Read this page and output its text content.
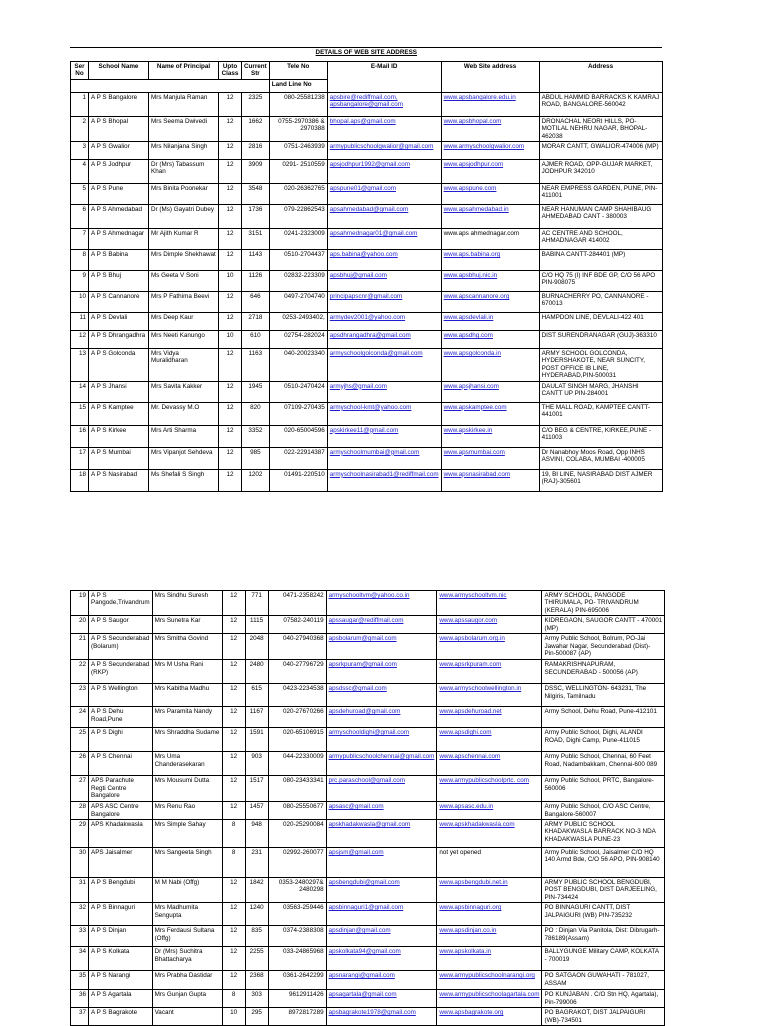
DETAILS OF WEB SITE ADDRESS								
Ser No	School Name	Name of Principal	Upto Class	Current Str	Tele No	E-Mail ID	Web Site address	Address
					Land Line No			
1	A P S Bangalore	Mrs Manjula Raman	12	2325	080-25581238	apsbire@rediffmail.com, apsbangalore@gmail.com	www.apsbangalore.edu.in	ABDUL HAMMID BARRACKS K KAMRAJ ROAD, BANGALORE-560042
2	A P S Bhopal	Mrs Seema Dwivedi	12	1662	0755-2970386 & 2970388	bhopal.aps@gmail.com	www.apsbhopal.com	DRONACHAL NEORI HILLS, PO- MOTILAL NEHRU NAGAR, BHOPAL-462038
3	A P S Gwalior	Mrs Nilanjana Singh	12	2816	0751-2463939	armypublicschoolgwalior@gmail.com	www.armyschoolgwalior.com	MORAR CANTT, GWALIOR-474006 (MP)
4	A P S Jodhpur	Dr (Mrs) Tabassum Khan	12	3909	0291- 2510559	apsjodhpur1992@gmail.com	www.apsjodhpur.com	AJMER ROAD, OPP-GUJAR MARKET, JODHPUR 342010
5	A P S Pune	Mrs Binita Poonekar	12	3548	020-26362765	apspune01@gmail.com	www.apspune.com	NEAR EMPRESS GARDEN, PUNE, PIN-411001
6	A P S Ahmedabad	Dr (Ms) Gayatri Dubey	12	1736	079-22862543	apsahmedabad@gmail.com	www.apsahmedabad.in	NEAR HANUMAN CAMP SHAHIBAUG AHMEDABAD CANT - 380003
7	A P S Ahmednagar	Mr Ajith Kumar R	12	3151	0241-2323009	apsahmednagar01@gmail.com	www.aps ahmednagar.com	AC CENTRE AND SCHOOL, AHMADNAGAR 414002
8	A P S Babina	Mrs Dimple Shekhawat	12	1143	0510-2704437	aps.babina@yahoo.com	www.aps.babina.org	BABINA CANTT-284401 (MP)
9	A P S Bhuj	Ms Geeta V Soni	10	1126	02832-223309	apsbhuj@gmail.com	www.apsbhuj.nic.in	C/O HQ 75 (I) INF BDE GP, C/O 56 APO PIN-908075
10	A P S Cannanore	Mrs P Fathima Beevi	12	646	0497-2704740	principapscnr@gmail.com	www.apscannanore.org	BURNACHERRY PO, CANNANORE - 670013
11	A P S Devlali	Mrs Deep Kaur	12	2718	0253-2493402,	armydev2001@yahoo.com	www.apsdevlali.in	HAMPDON LINE, DEVLALI-422 401
12	A P S Dhrangadhra	Mrs Neeti Kanungo	10	610	02754-282024	apsdhrangadhra@gmail.com	www.apsdhg.com	DIST SURENDRANAGAR (GUJ)-363310
13	A P S Golconda	Mrs Vidya Muralidharan	12	1163	040-20023340	armyschoolgolconda@gmail.com	www.apsgolconda.in	ARMY SCHOOL GOLCONDA, HYDERSHAKOTE, NEAR SUNCITY, POST OFFICE IB LINE, HYDERABAD,PIN-500031
14	A P S Jhansi	Mrs Savita Kakker	12	1945	0510-2470424	armyjhs@gmail.com	www.apsjhansi.com	DAULAT SINGH MARG, JHANSHI CANTT UP PIN-284001
15	A P S Kamptee	Mr. Devassy M.O	12	820	07109-270435	armyschool-kmt@yahoo.com	www.apskamptee.com	THE MALL ROAD, KAMPTEE CANTT-441001
16	A P S Kirkee	Mrs Arti Sharma	12	3352	020-65004596	apskirkee11@gmail.com	www.apskirkee.in	C/O BEG & CENTRE, KIRKEE,PUNE - 411003
17	A P S Mumbai	Mrs Vipanjot Sehdeva	12	985	022-22914387	armyschoolmumbai@gmail.com	www.apsmumbai.com	Dr Nanabhoy Moos Road, Opp INHS ASVINI, COLABA, MUMBAI -400005
18	A P S Nasirabad	Ms Shefali S Singh	12	1202	01491-220510	armyschoolnasirabad1@rediffmail.com	www.apsnasirabad.com	19, BI LINE, NASIRABAD DIST AJMER (RAJ)-305601
19	A P S Pangode,Trivandrum	Mrs Sindhu Suresh	12	771	0471-2358242	armyschooltvm@yahoo.co.in	www.armyschooltvm.nic	ARMY SCHOOL, PANGODE THIRUMALA, PO- TRIVANDRUM (KERALA) PIN-695006
20	A P S Saugor	Mrs Sunetra Kar	12	1115	07582-240119	apssaugar@rediffmail.com	www.apssaugor.com	KIDREGAON, SAUGOR CANTT - 470001 (MP)
21	A P S Secunderabad (Bolarum)	Mrs Smitha Govind	12	2048	040-27940368	apsbolarum@gmail.com	www.apsbolarum.org.in	Army Public School, Bolrum, PO-Jai Jawahar Nagar, Secunderabad (Dist)- Pin-500087 (AP)
22	A P S Secunderabad (RKP)	Mrs M Usha Rani	12	2480	040-27796729	apsrkpuram@gmail.com	www.apsrkpuram.com	RAMAKRISHNAPURAM, SECUNDERABAD - 500056 (AP)
23	A P S Wellington	Mrs Kabitha Madhu	12	615	0423-2234538	apsdssc@gmail.com	www.armyschoolwellington.in	DSSC, WELLINGTON- 643231, The Nilgiris, Tamilnadu
24	A P S Dehu Road,Pune	Mrs Paramita Nandy	12	1167	020-27670266	apsdehuroad@gmail.com	www.apsdehuroad.net	Army School, Dehu Road, Pune-412101
25	A P S Dighi	Mrs Shraddha Sudame	12	1591	020-65106915	armyschooldighi@gmail.com	www.apsdighi.com	Army Public School, Dighi, ALANDI ROAD, Dighi Camp, Pune-411015
26	A P S Chennai	Mrs Uma Chanderasekaran	12	903	044-22330009	armypublicschoolchennai@gmail.com	www.apschennai.com	Army Public School, Chennai, 60 Feet Road, Nadambakkam, Chennai-600 089
27	APS Parachute Regti Centre Bangalore	Mrs Mousumi Dutta	12	1517	080-23433341	prc.paraschool@gmail.com	www.armypublicschoolprtc. com	Army Public School, PRTC, Bangalore-560006
28	APS ASC Centre Bangalore	Mrs Renu Rao	12	1457	080-25550677	apsasc@gmail.com	www.apsasc.edu.in	Army Public School, C/O ASC Centre, Bangalore-560007
29	APS Khadakwasla	Mrs Simple Sahay	8	948	020-25290084	apskhadakwasla@gmail.com	www.apskhadakwasla.com	ARMY PUBLIC SCHOOL KHADAKWASLA BARRACK NO-3 NDA KHADAKWASLA PUNE-23
30	APS Jaisalmer	Mrs Sangeeta Singh	8	231	02992-260077	apsjsm@gmail.com	not yet opened	Army Public School, Jaisalmer C/O HQ 140 Armd Bde, C/O 56 APO, PIN-908140
31	A P S Bengdubi	M M Nabi (Offg)	12	1842	0353-2480297& 2480298	apsbengdubi@gmail.com	www.apsbengdubi.net.in	ARMY PUBLIC SCHOOL BENGDUBI, POST BENGDUBI, DIST DARJEELING, PIN-734424
32	A P S Binnaguri	Mrs Madhumita Sengupta	12	1240	03563-259446	apsbinnaguri1@gmail.com	www.apsbinnaguri.org	PO BINNAGURI CANTT, DIST JALPAIGURI (WB) PIN-735232
33	A P S Dinjan	Mrs Ferdausi Sultana (Offg)	12	835	0374-2388308	apsdinjan@gmail.com	www.apsdinjan.co.in	PO : Dinjan Via Panitola, Dist: Dibrugarh-786189(Assam)
34	A P S Kolkata	Dr (Mrs) Suchitra Bhattacharya	12	2255	033-24865968	apskolkata94@gmail.com	www.apskolkata.in	BALLYGUNGE Military CAMP, KOLKATA - 700019
35	A P S Narangi	Mrs Prabha Dastidar	12	2368	0361-2642299	apsnarangi@gmail.com	www.armypublicschoolnarangi.org	PO SATGAON GUWAHATI - 781027, ASSAM
36	A P S Agartala	Mrs Gunjan Gupta	8	303	9612911426	apsagartala@gmail.com	www.armypublicschoolagartala.com	PO KUNJABAN . C/O Stn HQ, Agartala), Pin-799006
37	A P S Bagrakote	Vacant	10	295	8972817289	apsbagrakote1978@gmail.com	www.apsbagrakote.org	PO BAGRAKOT, DIST JALPAIGURI (WB)-734501
